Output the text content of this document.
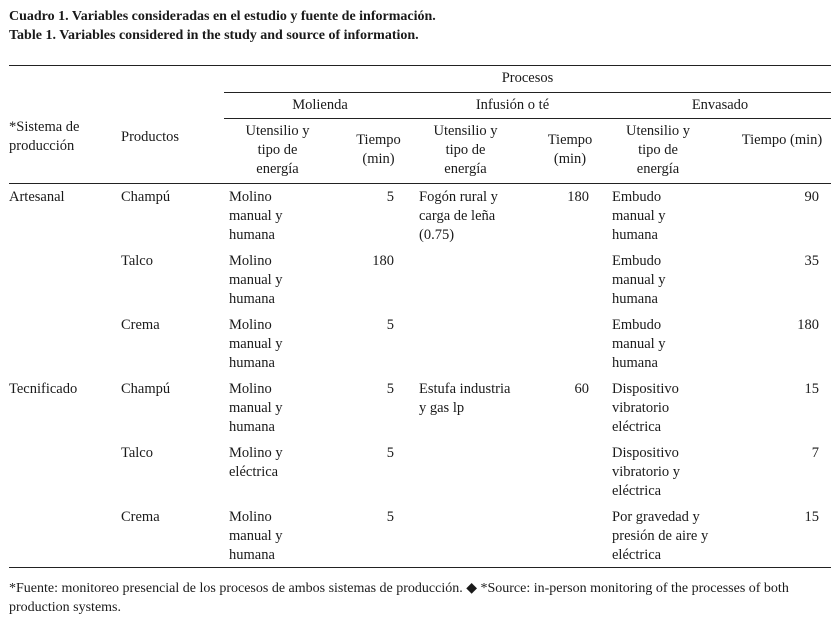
Cuadro 1. Variables consideradas en el estudio y fuente de información.
Table 1. Variables considered in the study and source of information.
		Procesos					
*Sistema de producción	Productos	Molienda		Infusión o té		Envasado	
		Utensilio y tipo de energía	Tiempo (min)	Utensilio y tipo de energía	Tiempo (min)	Utensilio y tipo de energía	Tiempo (min)
Artesanal	Champú	Molino manual y humana	5	Fogón rural y carga de leña (0.75)	180	Embudo manual y humana	90
	Talco	Molino manual y humana	180			Embudo manual y humana	35
	Crema	Molino manual y humana	5			Embudo manual y humana	180
Tecnificado	Champú	Molino manual y humana	5	Estufa industria y gas lp	60	Dispositivo vibratorio eléctrica	15
	Talco	Molino y eléctrica	5			Dispositivo vibratorio y eléctrica	7
	Crema	Molino manual y humana	5			Por gravedad y presión de aire y eléctrica	15
*Fuente: monitoreo presencial de los procesos de ambos sistemas de producción. ◆ *Source: in-person monitoring of the processes of both production systems.
